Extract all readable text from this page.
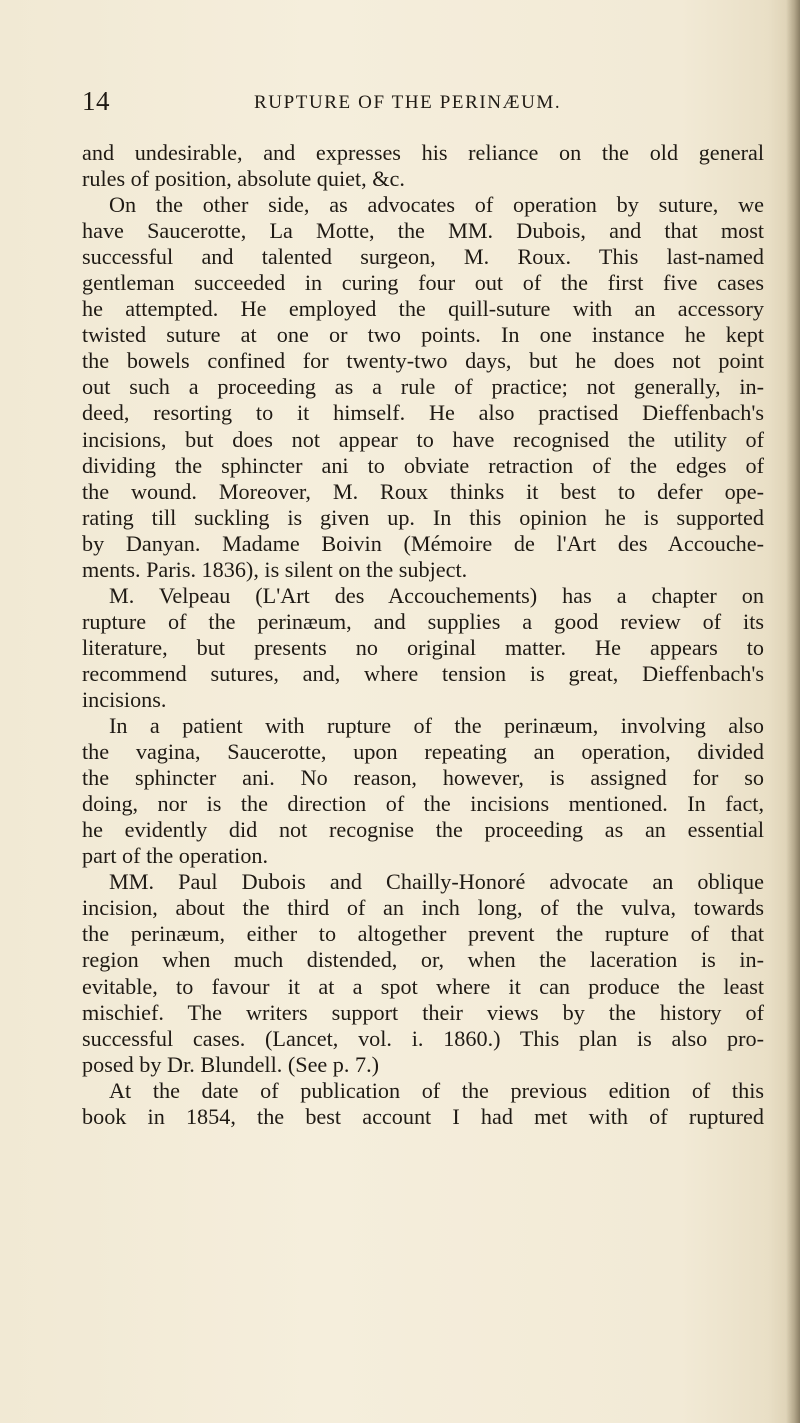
14	RUPTURE OF THE PERINÆUM.
and undesirable, and expresses his reliance on the old general
rules of position, absolute quiet, &c.
On the other side, as advocates of operation by suture, we
have Saucerotte, La Motte, the MM. Dubois, and that most
successful and talented surgeon, M. Roux. This last-named
gentleman succeeded in curing four out of the first five cases
he attempted. He employed the quill-suture with an accessory
twisted suture at one or two points. In one instance he kept
the bowels confined for twenty-two days, but he does not point
out such a proceeding as a rule of practice; not generally, in-
deed, resorting to it himself. He also practised Dieffenbach's
incisions, but does not appear to have recognised the utility of
dividing the sphincter ani to obviate retraction of the edges of
the wound. Moreover, M. Roux thinks it best to defer ope-
rating till suckling is given up. In this opinion he is supported
by Danyan. Madame Boivin (Mémoire de l'Art des Accouche-
ments. Paris. 1836), is silent on the subject.
M. Velpeau (L'Art des Accouchements) has a chapter on
rupture of the perinæum, and supplies a good review of its
literature, but presents no original matter. He appears to
recommend sutures, and, where tension is great, Dieffenbach's
incisions.
In a patient with rupture of the perinæum, involving also
the vagina, Saucerotte, upon repeating an operation, divided
the sphincter ani. No reason, however, is assigned for so
doing, nor is the direction of the incisions mentioned. In fact,
he evidently did not recognise the proceeding as an essential
part of the operation.
MM. Paul Dubois and Chailly-Honoré advocate an oblique
incision, about the third of an inch long, of the vulva, towards
the perinæum, either to altogether prevent the rupture of that
region when much distended, or, when the laceration is in-
evitable, to favour it at a spot where it can produce the least
mischief. The writers support their views by the history of
successful cases. (Lancet, vol. i. 1860.) This plan is also pro-
posed by Dr. Blundell. (See p. 7.)
At the date of publication of the previous edition of this
book in 1854, the best account I had met with of ruptured
